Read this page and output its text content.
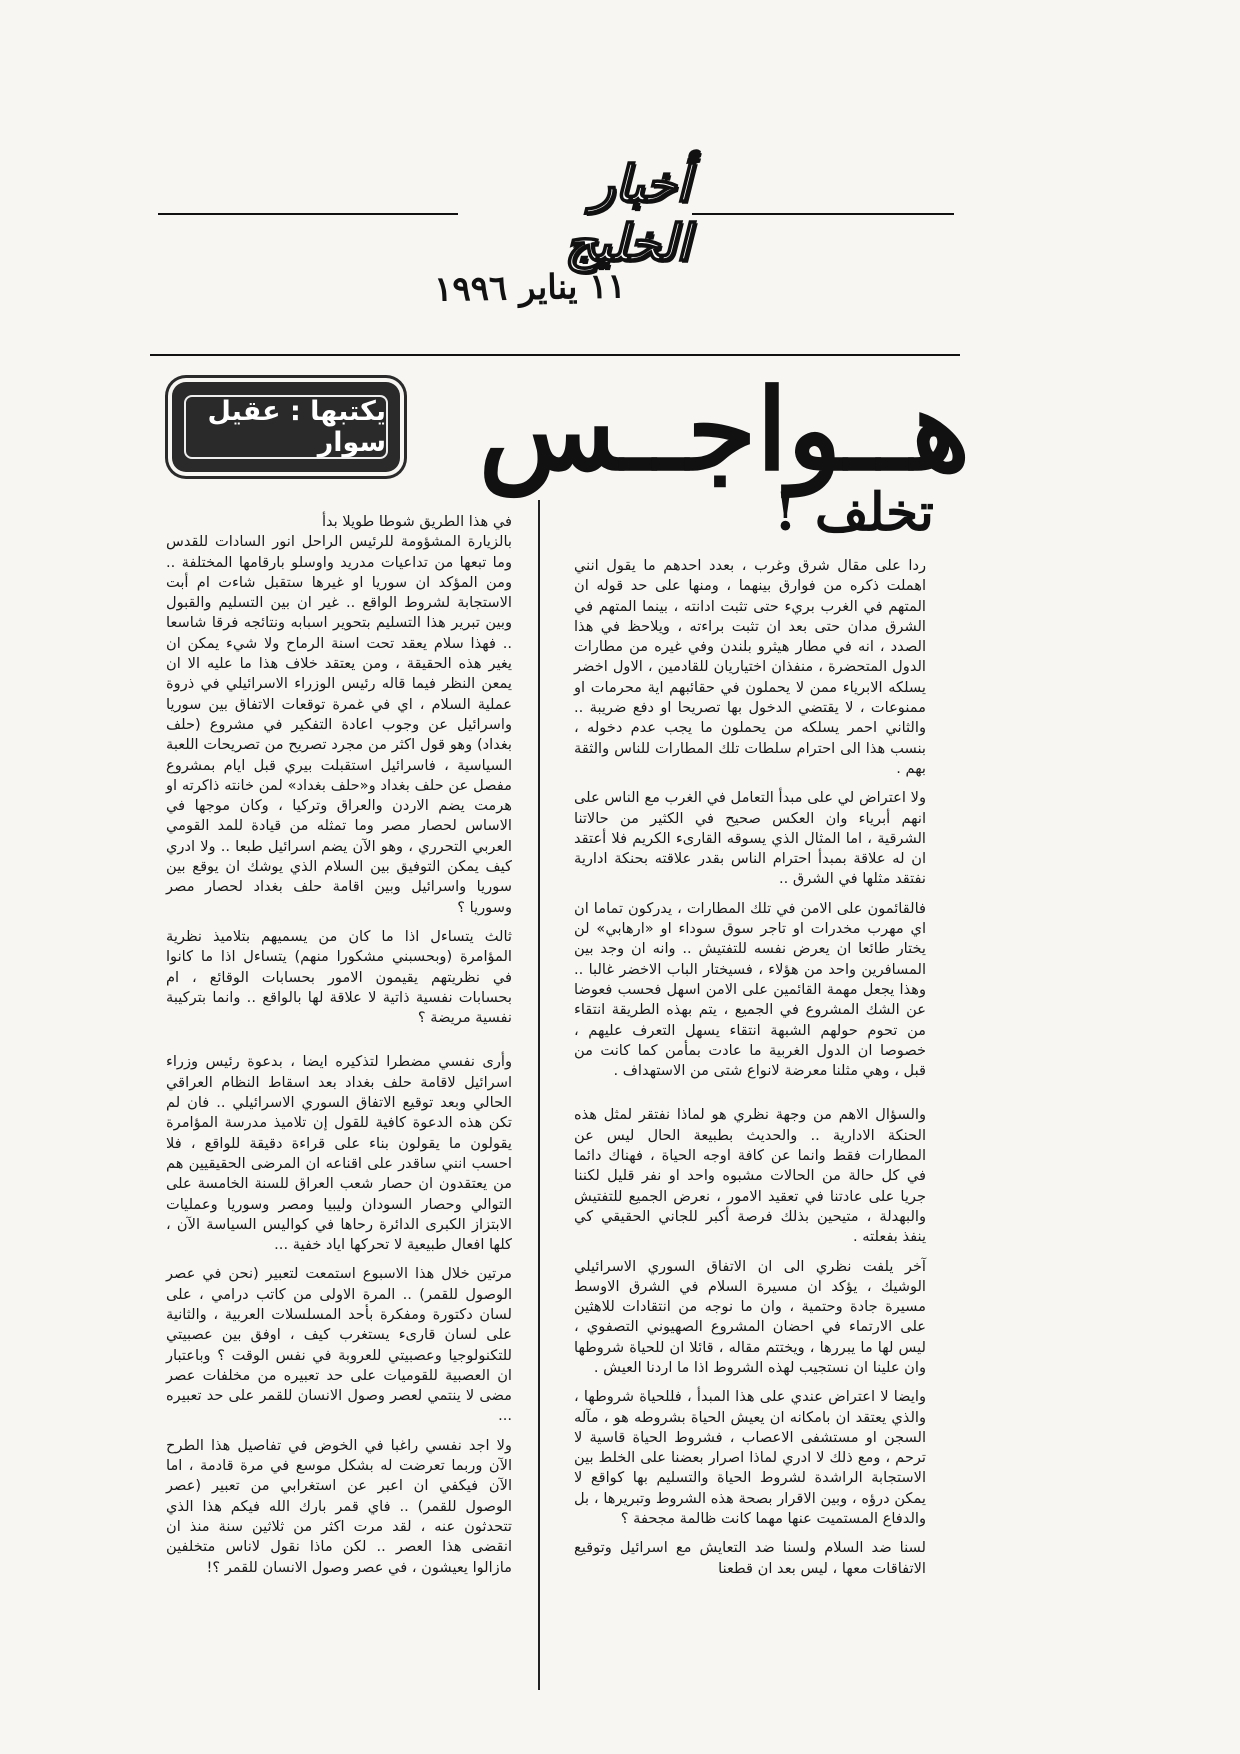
أخبار الخليج
١١ يناير ١٩٩٦
هــواجــس
يكتبها : عقيل سوار
تخلف !

ردا على مقال شرق وغرب ، بعدد احدهم ما يقول انني اهملت ذكره من فوارق بينهما ، ومنها على حد قوله ان المتهم في الغرب بريء حتى تثبت ادانته ، بينما المتهم في الشرق مدان حتى بعد ان تثبت براءته ، ويلاحظ في هذا الصدد ، انه في مطار هيثرو بلندن وفي غيره من مطارات الدول المتحضرة ، منفذان اختياريان للقادمين ، الاول اخضر يسلكه الابرياء ممن لا يحملون في حقائبهم اية محرمات او ممنوعات ، لا يقتضي الدخول بها تصريحا او دفع ضريبة .. والثاني احمر يسلكه من يحملون ما يجب عدم دخوله ، بنسب هذا الى احترام سلطات تلك المطارات للناس والثقة بهم .

ولا اعتراض لي على مبدأ التعامل في الغرب مع الناس على انهم أبرياء وان العكس صحيح في الكثير من حالاتنا الشرقية ، اما المثال الذي يسوقه القارىء الكريم فلا أعتقد ان له علاقة بمبدأ احترام الناس بقدر علاقته بحنكة ادارية نفتقد مثلها في الشرق ..

فالقائمون على الامن في تلك المطارات ، يدركون تماما ان اي مهرب مخدرات او تاجر سوق سوداء او «ارهابي» لن يختار طائعا ان يعرض نفسه للتفتيش .. وانه ان وجد بين المسافرين واحد من هؤلاء ، فسيختار الباب الاخضر غالبا .. وهذا يجعل مهمة القائمين على الامن اسهل فحسب فعوضا عن الشك المشروع في الجميع ، يتم بهذه الطريقة انتقاء من تحوم حولهم الشبهة انتقاء يسهل التعرف عليهم ، خصوصا ان الدول الغربية ما عادت بمأمن كما كانت من قبل ، وهي مثلنا معرضة لانواع شتى من الاستهداف .

والسؤال الاهم من وجهة نظري هو لماذا نفتقر لمثل هذه الحنكة الادارية .. والحديث بطبيعة الحال ليس عن المطارات فقط وانما عن كافة اوجه الحياة ، فهناك دائما في كل حالة من الحالات مشبوه واحد او نفر قليل لكننا جريا على عادتنا في تعقيد الامور ، نعرض الجميع للتفتيش والبهدلة ، متيحين بذلك فرصة أكبر للجاني الحقيقي كي ينفذ بفعلته .

آخر يلفت نظري الى ان الاتفاق السوري الاسرائيلي الوشيك ، يؤكد ان مسيرة السلام في الشرق الاوسط مسيرة جادة وحتمية ، وان ما نوجه من انتقادات للاهثين على الارتماء في احضان المشروع الصهيوني التصفوي ، ليس لها ما يبررها ، ويختتم مقاله ، قائلا ان للحياة شروطها وان علينا ان نستجيب لهذه الشروط اذا ما اردنا العيش .

وايضا لا اعتراض عندي على هذا المبدأ ، فللحياة شروطها ، والذي يعتقد ان بامكانه ان يعيش الحياة بشروطه هو ، مآله السجن او مستشفى الاعصاب ، فشروط الحياة قاسية لا ترحم ، ومع ذلك لا ادري لماذا اصرار بعضنا على الخلط بين الاستجابة الراشدة لشروط الحياة والتسليم بها كواقع لا يمكن درؤه ، وبين الاقرار بصحة هذه الشروط وتبريرها ، بل والدفاع المستميت عنها مهما كانت ظالمة مجحفة ؟

لسنا ضد السلام ولسنا ضد التعايش مع اسرائيل وتوقيع الاتفاقات معها ، ليس بعد ان قطعنا

في هذا الطريق شوطا طويلا بدأ

بالزيارة المشؤومة للرئيس الراحل انور السادات للقدس وما تبعها من تداعيات مدريد واوسلو بارقامها المختلفة .. ومن المؤكد ان سوريا او غيرها ستقبل شاءت ام أبت الاستجابة لشروط الواقع .. غير ان بين التسليم والقبول وبين تبرير هذا التسليم بتحوير اسبابه ونتائجه فرقا شاسعا .. فهذا سلام يعقد تحت اسنة الرماح ولا شيء يمكن ان يغير هذه الحقيقة ، ومن يعتقد خلاف هذا ما عليه الا ان يمعن النظر فيما قاله رئيس الوزراء الاسرائيلي في ذروة عملية السلام ، اي في غمرة توقعات الاتفاق بين سوريا واسرائيل عن وجوب اعادة التفكير في مشروع (حلف بغداد) وهو قول اكثر من مجرد تصريح من تصريحات اللعبة السياسية ، فاسرائيل استقبلت بيري قبل ايام بمشروع مفصل عن حلف بغداد و«حلف بغداد» لمن خانته ذاكرته او هرمت يضم الاردن والعراق وتركيا ، وكان موجها في الاساس لحصار مصر وما تمثله من قيادة للمد القومي العربي التحرري ، وهو الآن يضم اسرائيل طبعا .. ولا ادري كيف يمكن التوفيق بين السلام الذي يوشك ان يوقع بين سوريا واسرائيل وبين اقامة حلف بغداد لحصار مصر وسوريا ؟

ثالث يتساءل اذا ما كان من يسميهم بتلاميذ نظرية المؤامرة (وبحسبني مشكورا منهم) يتساءل اذا ما كانوا في نظريتهم يقيمون الامور بحسابات الوقائع ، ام بحسابات نفسية ذاتية لا علاقة لها بالواقع .. وانما بتركيبة نفسية مريضة ؟

وأرى نفسي مضطرا لتذكيره ايضا ، بدعوة رئيس وزراء اسرائيل لاقامة حلف بغداد بعد اسقاط النظام العراقي الحالي وبعد توقيع الاتفاق السوري الاسرائيلي .. فان لم تكن هذه الدعوة كافية للقول إن تلاميذ مدرسة المؤامرة يقولون ما يقولون بناء على قراءة دقيقة للواقع ، فلا احسب انني ساقدر على اقناعه ان المرضى الحقيقيين هم من يعتقدون ان حصار شعب العراق للسنة الخامسة على التوالي وحصار السودان وليبيا ومصر وسوريا وعمليات الابتزاز الكبرى الدائرة رحاها في كواليس السياسة الآن ، كلها افعال طبيعية لا تحركها اياد خفية ...

مرتين خلال هذا الاسبوع استمعت لتعبير (نحن في عصر الوصول للقمر) .. المرة الاولى من كاتب درامي ، على لسان دكتورة ومفكرة بأحد المسلسلات العربية ، والثانية على لسان قارىء يستغرب كيف ، اوفق بين عصبيتي للتكنولوجيا وعصبيتي للعروبة في نفس الوقت ؟ وباعتبار ان العصبية للقوميات على حد تعبيره من مخلفات عصر مضى لا ينتمي لعصر وصول الانسان للقمر على حد تعبيره ...

ولا اجد نفسي راغبا في الخوض في تفاصيل هذا الطرح الآن وربما تعرضت له بشكل موسع في مرة قادمة ، اما الآن فيكفي ان اعبر عن استغرابي من تعبير (عصر الوصول للقمر) .. فاي قمر بارك الله فيكم هذا الذي تتحدثون عنه ، لقد مرت اكثر من ثلاثين سنة منذ ان انقضى هذا العصر .. لكن ماذا نقول لاناس متخلفين مازالوا يعيشون ، في عصر وصول الانسان للقمر ؟!
